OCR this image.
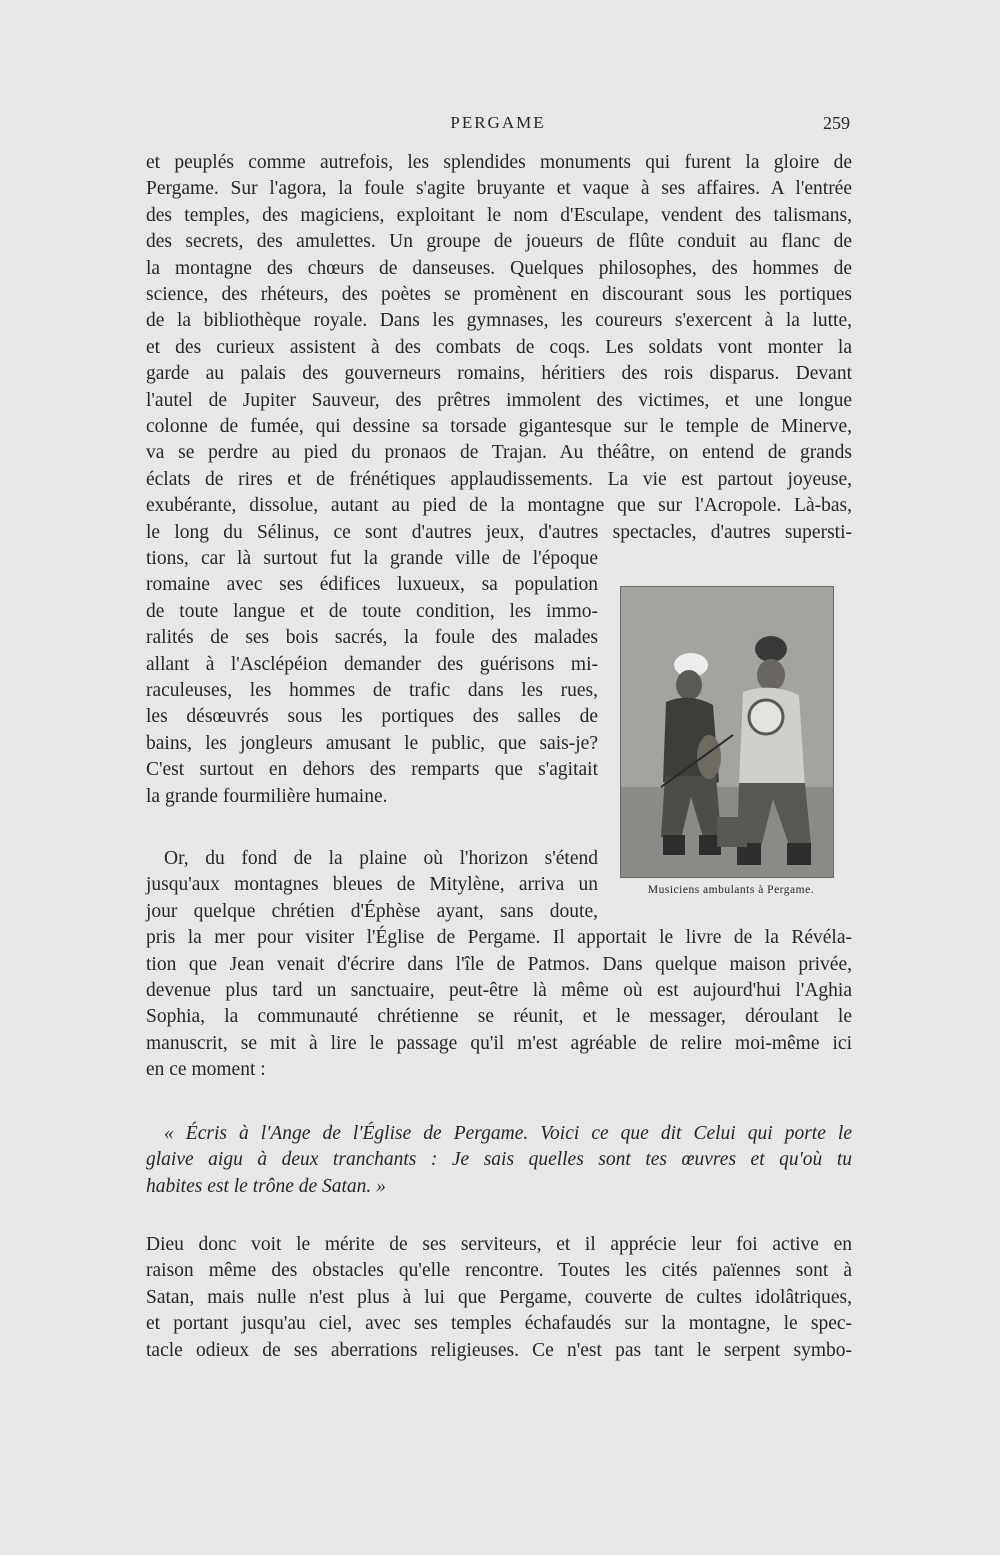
PERGAME	259
et peuplés comme autrefois, les splendides monuments qui furent la gloire de
Pergame. Sur l'agora, la foule s'agite bruyante et vaque à ses affaires. A l'entrée
des temples, des magiciens, exploitant le nom d'Esculape, vendent des talismans,
des secrets, des amulettes. Un groupe de joueurs de flûte conduit au flanc de
la montagne des chœurs de danseuses. Quelques philosophes, des hommes de
science, des rhéteurs, des poètes se promènent en discourant sous les portiques
de la bibliothèque royale. Dans les gymnases, les coureurs s'exercent à la lutte,
et des curieux assistent à des combats de coqs. Les soldats vont monter la
garde au palais des gouverneurs romains, héritiers des rois disparus. Devant
l'autel de Jupiter Sauveur, des prêtres immolent des victimes, et une longue
colonne de fumée, qui dessine sa torsade gigantesque sur le temple de Minerve,
va se perdre au pied du pronaos de Trajan. Au théâtre, on entend de grands
éclats de rires et de frénétiques applaudissements. La vie est partout joyeuse,
exubérante, dissolue, autant au pied de la montagne que sur l'Acropole. Là-bas,
le long du Sélinus, ce sont d'autres jeux, d'autres spectacles, d'autres supersti-
tions, car là surtout fut la grande ville de l'époque
romaine avec ses édifices luxueux, sa population
de toute langue et de toute condition, les immo-
ralités de ses bois sacrés, la foule des malades
allant à l'Asclépéion demander des guérisons mi-
raculeuses, les hommes de trafic dans les rues,
les désœuvrés sous les portiques des salles de
bains, les jongleurs amusant le public, que sais-je?
C'est surtout en dehors des remparts que s'agitait
la grande fourmilière humaine.
Or, du fond de la plaine où l'horizon s'étend
jusqu'aux montagnes bleues de Mitylène, arriva un
jour quelque chrétien d'Éphèse ayant, sans doute,
pris la mer pour visiter l'Église de Pergame. Il apportait le livre de la Révéla-
tion que Jean venait d'écrire dans l'île de Patmos. Dans quelque maison privée,
devenue plus tard un sanctuaire, peut-être là même où est aujourd'hui l'Aghia
Sophia, la communauté chrétienne se réunit, et le messager, déroulant le
manuscrit, se mit à lire le passage qu'il m'est agréable de relire moi-même ici
en ce moment :
« Écris à l'Ange de l'Église de Pergame. Voici ce que dit Celui qui porte le
glaive aigu à deux tranchants : Je sais quelles sont tes œuvres et qu'où tu
habites est le trône de Satan. »
Dieu donc voit le mérite de ses serviteurs, et il apprécie leur foi active en
raison même des obstacles qu'elle rencontre. Toutes les cités païennes sont à
Satan, mais nulle n'est plus à lui que Pergame, couverte de cultes idolâtriques,
et portant jusqu'au ciel, avec ses temples échafaudés sur la montagne, le spec-
tacle odieux de ses aberrations religieuses. Ce n'est pas tant le serpent symbo-
Musiciens ambulants à Pergame.
